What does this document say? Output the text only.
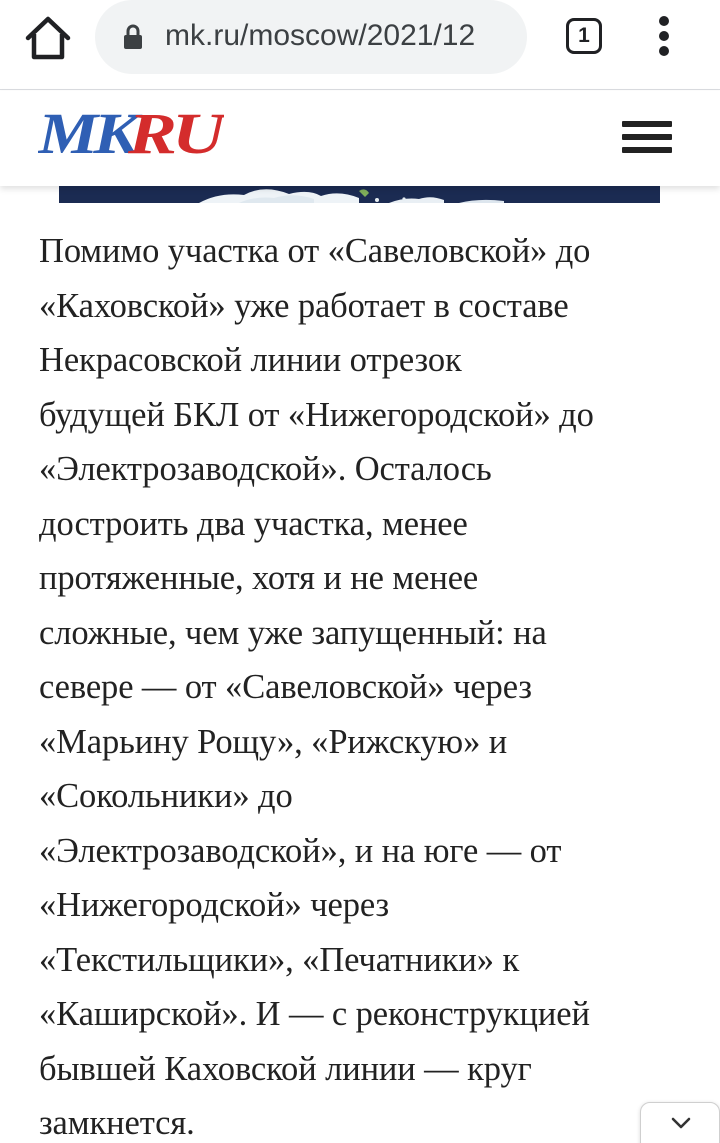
mk.ru/moscow/2021/12	1
MK
RU

Помимо участка от «Савеловской» до
«Каховской» уже работает в составе
Некрасовской линии отрезок
будущей БКЛ от «Нижегородской» до
«Электрозаводской». Осталось
достроить два участка, менее
протяженные, хотя и не менее
сложные, чем уже запущенный: на
севере — от «Савеловской» через
«Марьину Рощу», «Рижскую» и
«Сокольники» до
«Электрозаводской», и на юге — от
«Нижегородской» через
«Текстильщики», «Печатники» к
«Каширской». И — с реконструкцией
бывшей Каховской линии — круг
замкнется.
